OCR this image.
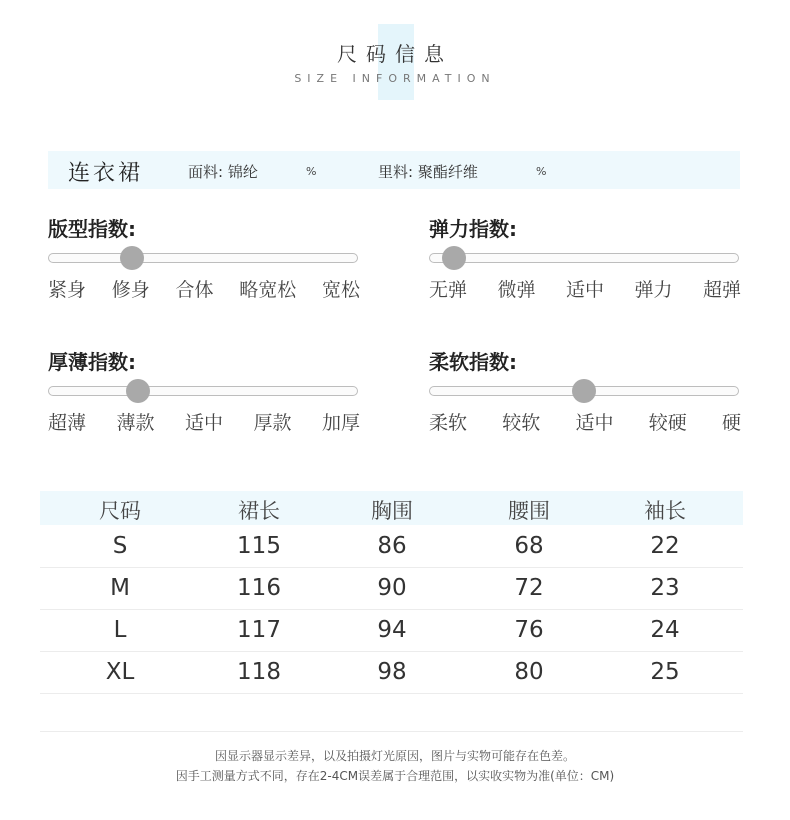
尺码信息
SIZE INFORMATION
连衣裙	面料: 锦纶	%	里料: 聚酯纤维	%
版型指数:
紧身 修身 合体 略宽松 宽松
弹力指数:
无弹 微弹 适中 弹力 超弹
厚薄指数:
超薄 薄款 适中 厚款 加厚
柔软指数:
柔软 较软 适中 较硬 硬
尺码	裙长	胸围	腰围	袖长
S	115	86	68	22
M	116	90	72	23
L	117	94	76	24
XL	118	98	80	25
因显示器显示差异，以及拍摄灯光原因，图片与实物可能存在色差。
因手工测量方式不同，存在2-4CM误差属于合理范围，以实收实物为准(单位：CM)
